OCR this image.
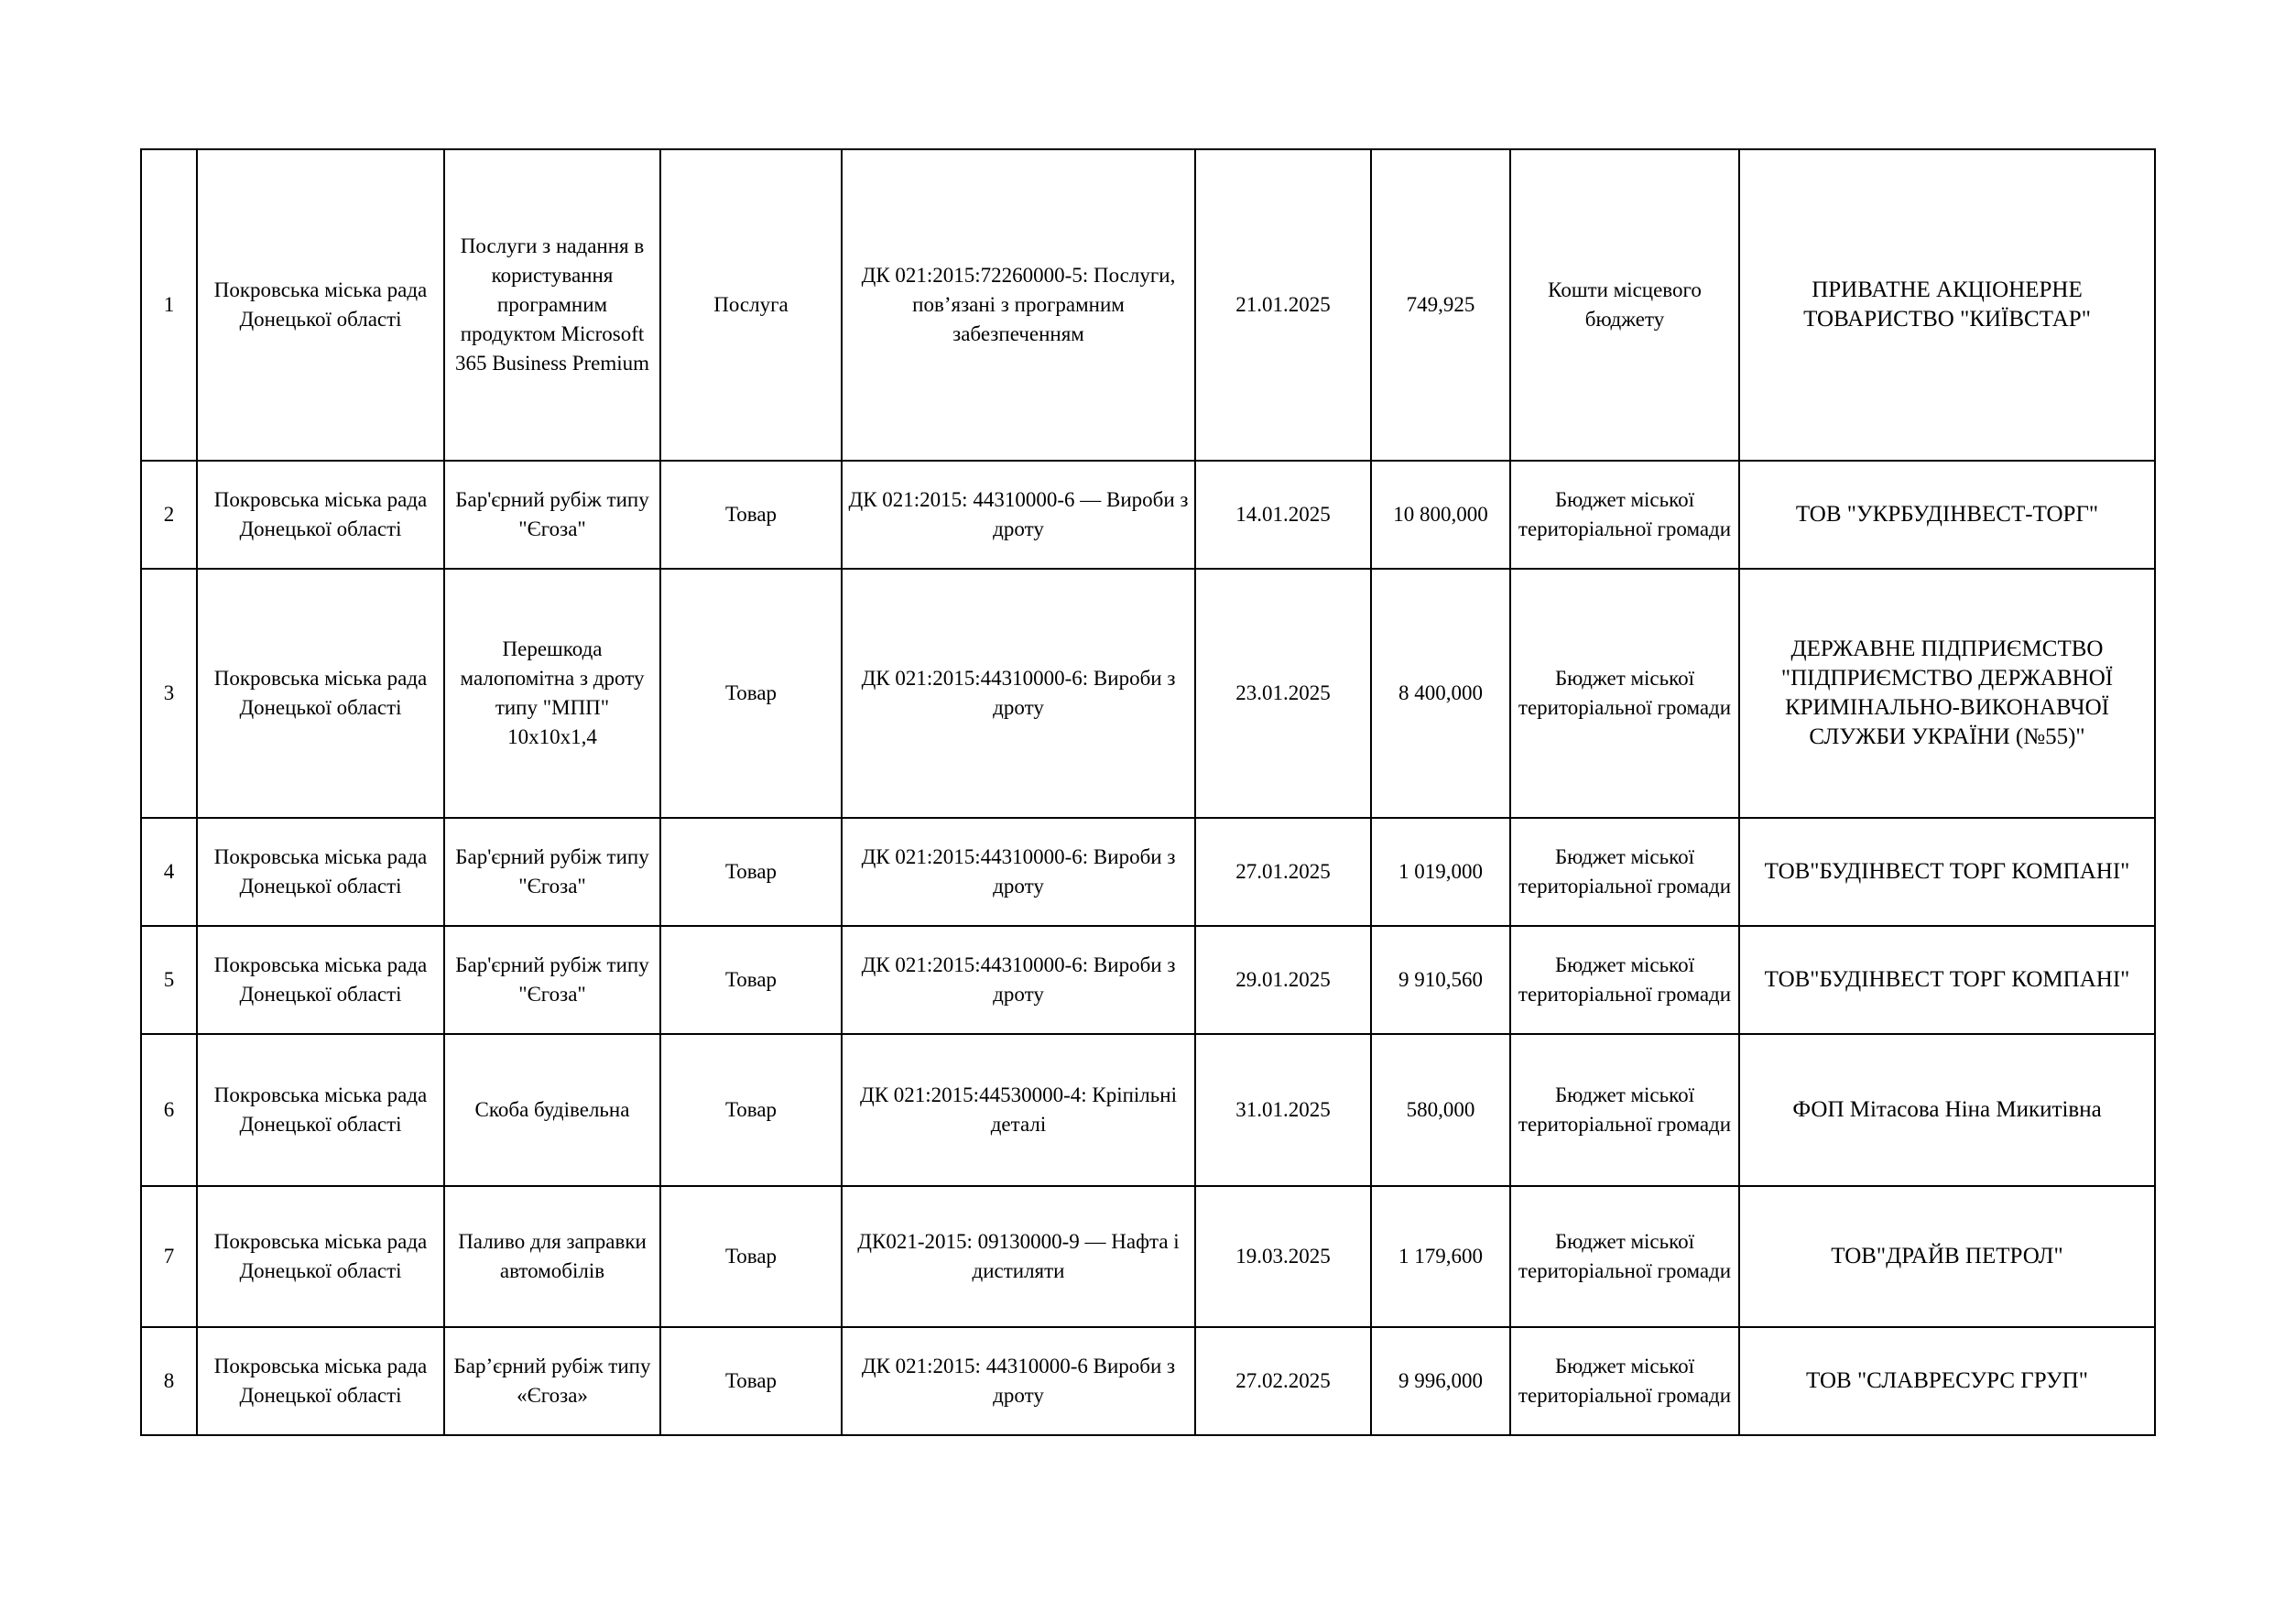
1	Покровська міська рада Донецької області	Послуги з надання в користування програмним продуктом Microsoft 365 Business Premium	Послуга	ДК 021:2015:72260000-5: Послуги, пов’язані з програмним забезпеченням	21.01.2025	749,925	Кошти місцевого бюджету	ПРИВАТНЕ АКЦІОНЕРНЕ ТОВАРИСТВО "КИЇВСТАР"
2	Покровська міська рада Донецької області	Бар'єрний рубіж типу "Єгоза"	Товар	ДК 021:2015: 44310000-6 — Вироби з дроту	14.01.2025	10 800,000	Бюджет міської територіальної громади	ТОВ "УКРБУДІНВЕСТ-ТОРГ"
3	Покровська міська рада Донецької області	Перешкода малопомітна з дроту типу "МПП" 10х10х1,4	Товар	ДК 021:2015:44310000-6: Вироби з дроту	23.01.2025	8 400,000	Бюджет міської територіальної громади	ДЕРЖАВНЕ ПІДПРИЄМСТВО "ПІДПРИЄМСТВО ДЕРЖАВНОЇ КРИМІНАЛЬНО-ВИКОНАВЧОЇ СЛУЖБИ УКРАЇНИ (№55)"
4	Покровська міська рада Донецької області	Бар'єрний рубіж типу "Єгоза"	Товар	ДК 021:2015:44310000-6: Вироби з дроту	27.01.2025	1 019,000	Бюджет міської територіальної громади	ТОВ"БУДІНВЕСТ ТОРГ КОМПАНІ"
5	Покровська міська рада Донецької області	Бар'єрний рубіж типу "Єгоза"	Товар	ДК 021:2015:44310000-6: Вироби з дроту	29.01.2025	9 910,560	Бюджет міської територіальної громади	ТОВ"БУДІНВЕСТ ТОРГ КОМПАНІ"
6	Покровська міська рада Донецької області	Скоба будівельна	Товар	ДК 021:2015:44530000-4: Кріпільні деталі	31.01.2025	580,000	Бюджет міської територіальної громади	ФОП Мітасова Ніна Микитівна
7	Покровська міська рада Донецької області	Паливо для заправки автомобілів	Товар	ДК021-2015: 09130000-9 — Нафта і дистиляти	19.03.2025	1 179,600	Бюджет міської територіальної громади	ТОВ"ДРАЙВ ПЕТРОЛ"
8	Покровська міська рада Донецької області	Бар’єрний рубіж типу «Єгоза»	Товар	ДК 021:2015: 44310000-6 Вироби з дроту	27.02.2025	9 996,000	Бюджет міської територіальної громади	ТОВ "СЛАВРЕСУРС ГРУП"
